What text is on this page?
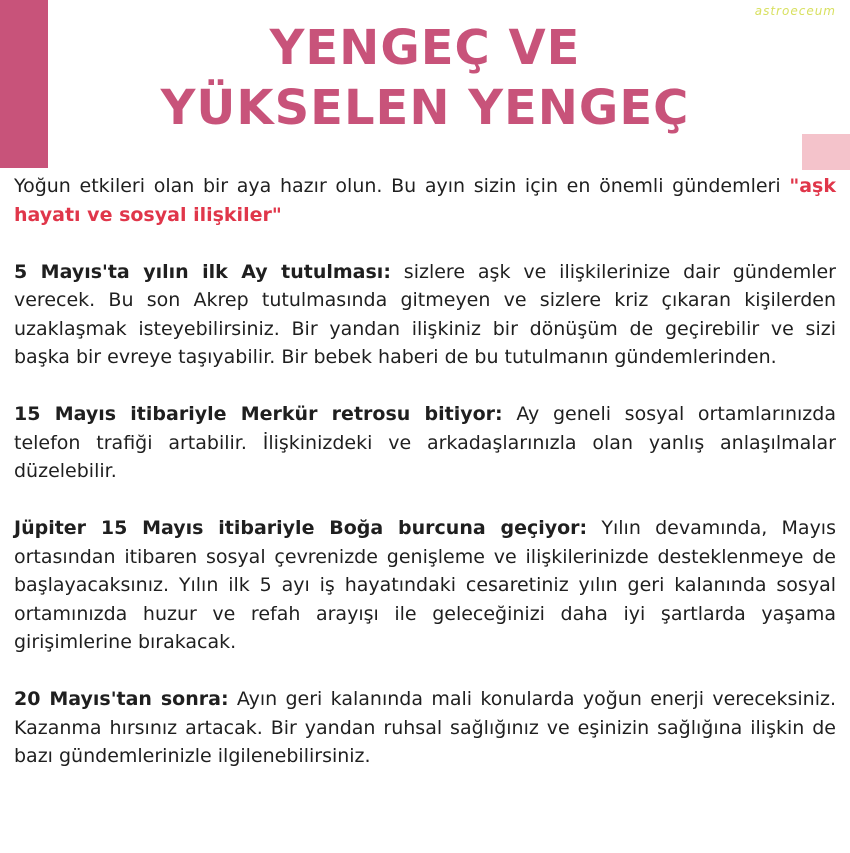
astroeceum
YENGEÇ VE
YÜKSELEN YENGEÇ

Yoğun etkileri olan bir aya hazır olun. Bu ayın sizin için en önemli gündemleri "aşk hayatı ve sosyal ilişkiler"

5 Mayıs'ta yılın ilk Ay tutulması: sizlere aşk ve ilişkilerinize dair gündemler verecek. Bu son Akrep tutulmasında gitmeyen ve sizlere kriz çıkaran kişilerden uzaklaşmak isteyebilirsiniz. Bir yandan ilişkiniz bir dönüşüm de geçirebilir ve sizi başka bir evreye taşıyabilir. Bir bebek haberi de bu tutulmanın gündemlerinden.

15 Mayıs itibariyle Merkür retrosu bitiyor: Ay geneli sosyal ortamlarınızda telefon trafiği artabilir. İlişkinizdeki ve arkadaşlarınızla olan yanlış anlaşılmalar düzelebilir.

Jüpiter 15 Mayıs itibariyle Boğa burcuna geçiyor: Yılın devamında, Mayıs ortasından itibaren sosyal çevrenizde genişleme ve ilişkilerinizde desteklenmeye de başlayacaksınız. Yılın ilk 5 ayı iş hayatındaki cesaretiniz yılın geri kalanında sosyal ortamınızda huzur ve refah arayışı ile geleceğinizi daha iyi şartlarda yaşama girişimlerine bırakacak.

20 Mayıs'tan sonra: Ayın geri kalanında mali konularda yoğun enerji vereceksiniz. Kazanma hırsınız artacak. Bir yandan ruhsal sağlığınız ve eşinizin sağlığına ilişkin de bazı gündemlerinizle ilgilenebilirsiniz.
